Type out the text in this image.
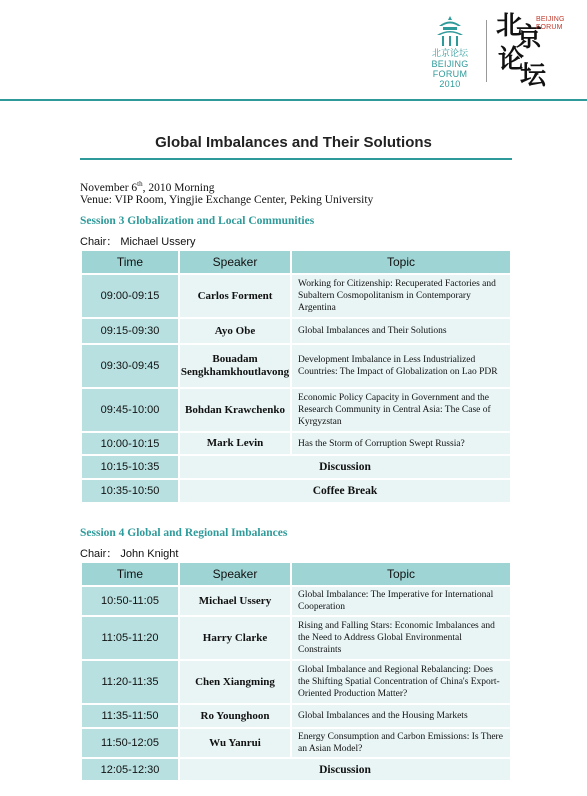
北京论坛
BEIJING
FORUM
2010
北
京
论
坛
BEIJING
FORUM
Global Imbalances and Their Solutions
November 6th, 2010 Morning
Venue: VIP Room, Yingjie Exchange Center, Peking University
Session 3 Globalization and Local Communities
Chair： Michael Ussery
Time	Speaker	Topic
09:00-09:15	Carlos Forment	Working for Citizenship: Recuperated Factories and Subaltern Cosmopolitanism in Contemporary Argentina
09:15-09:30	Ayo Obe	Global Imbalances and Their Solutions
09:30-09:45	Bouadam Sengkhamkhoutlavong	Development Imbalance in Less Industrialized Countries: The Impact of Globalization on Lao PDR
09:45-10:00	Bohdan Krawchenko	Economic Policy Capacity in Government and the Research Community in Central Asia: The Case of Kyrgyzstan
10:00-10:15	Mark Levin	Has the Storm of Corruption Swept Russia?
10:15-10:35	Discussion	
10:35-10:50	Coffee Break	
Session 4 Global and Regional Imbalances
Chair： John Knight
Time	Speaker	Topic
10:50-11:05	Michael Ussery	Global Imbalance: The Imperative for International Cooperation
11:05-11:20	Harry Clarke	Rising and Falling Stars: Economic Imbalances and the Need to Address Global Environmental Constraints
11:20-11:35	Chen Xiangming	Global Imbalance and Regional Rebalancing: Does the Shifting Spatial Concentration of China's Export-Oriented Production Matter?
11:35-11:50	Ro Younghoon	Global Imbalances and the Housing Markets
11:50-12:05	Wu Yanrui	Energy Consumption and Carbon Emissions: Is There an Asian Model?
12:05-12:30	Discussion	
